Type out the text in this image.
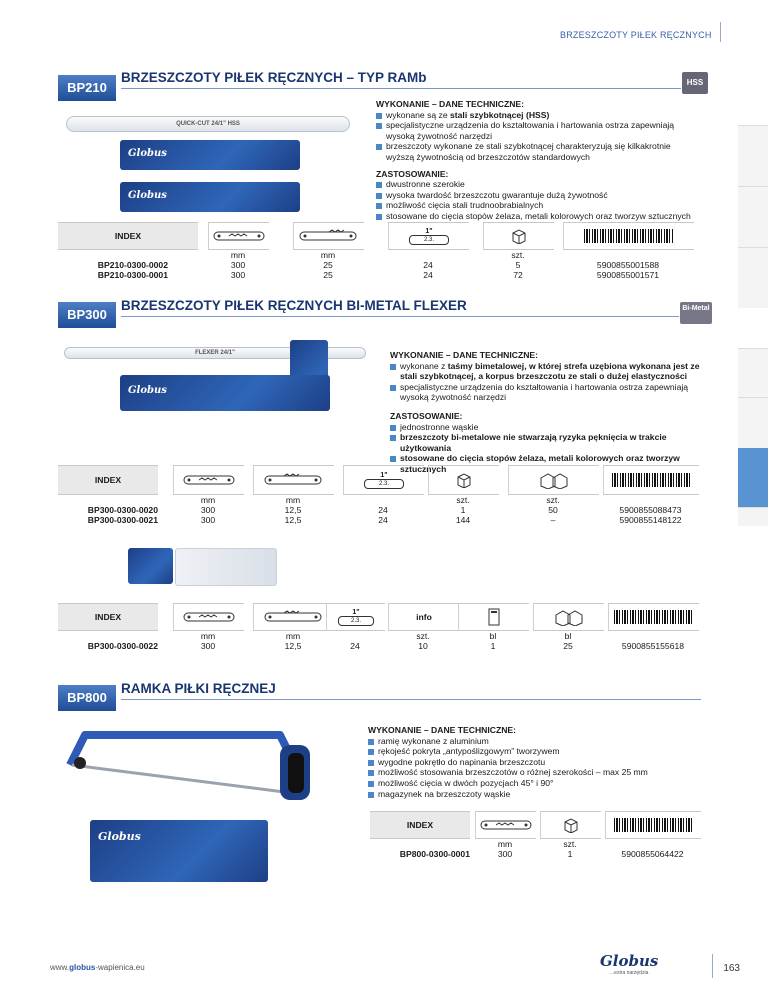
BRZESZCZOTY PIŁEK RĘCZNYCH
BP210
BRZESZCZOTY PIŁEK RĘCZNYCH – TYP RAMb	HSS
QUICK-CUT 24/1" HSS
Globus
Globus
WYKONANIE – DANE TECHNICZNE:
wykonane są ze stali szybkotnącej (HSS)
specjalistyczne urządzenia do kształtowania i hartowania ostrza zapewniają wysoką żywotność narzędzi
brzeszczoty wykonane ze stali szybkotnącej charakteryzują się kilkakrotnie wyższą żywotnością od brzeszczotów standardowych
ZASTOSOWANIE:
dwustronne szerokie
wysoka twardość brzeszczotu gwarantuje dużą żywotność
możliwość cięcia stali trudnoobrabialnych
stosowane do cięcia stopów żelaza, metali kolorowych oraz tworzyw sztucznych
INDEX	1"
2.3.
mm	mm	szt.
BP210-0300-0002	300	25	24	5	5900855001588
BP210-0300-0001	300	25	24	72	5900855001571
BP300
BRZESZCZOTY PIŁEK RĘCZNYCH BI-METAL FLEXER	Bi-Metal
FLEXER 24/1"
Globus
WYKONANIE – DANE TECHNICZNE:
wykonane z taśmy bimetalowej, w której strefa uzębiona wykonana jest ze stali szybkotnącej, a korpus brzeszczotu ze stali o dużej elastyczności
specjalistyczne urządzenia do kształtowania i hartowania ostrza zapewniają wysoką żywotność narzędzi
ZASTOSOWANIE:
jednostronne wąskie
brzeszczoty bi-metalowe nie stwarzają ryzyka pęknięcia w trakcie użytkowania
stosowane do cięcia stopów żelaza, metali kolorowych oraz tworzyw sztucznych
INDEX	1"
2.3.
mm	mm	szt.	szt.
BP300-0300-0020	300	12,5	24	1	50	5900855088473
BP300-0300-0021	300	12,5	24	144	–	5900855148122
INDEX	1"
2.3.	info
mm	mm	szt.	bl	bl
BP300-0300-0022	300	12,5	24	10	1	25	5900855155618
BP800
RAMKA PIŁKI RĘCZNEJ
Globus
WYKONANIE – DANE TECHNICZNE:
ramię wykonane z aluminium
rękojeść pokryta „antypoślizgowym” tworzywem
wygodne pokrętło do napinania brzeszczotu
możliwość stosowania brzeszczotów o różnej szerokości – max 25 mm
możliwość cięcia w dwóch pozycjach 45° i 90°
magazynek na brzeszczoty wąskie
INDEX
mm	szt.
BP800-0300-0001	300	1	5900855064422
www.globus-wapienica.eu	Globus
...extra narzędzia	163
